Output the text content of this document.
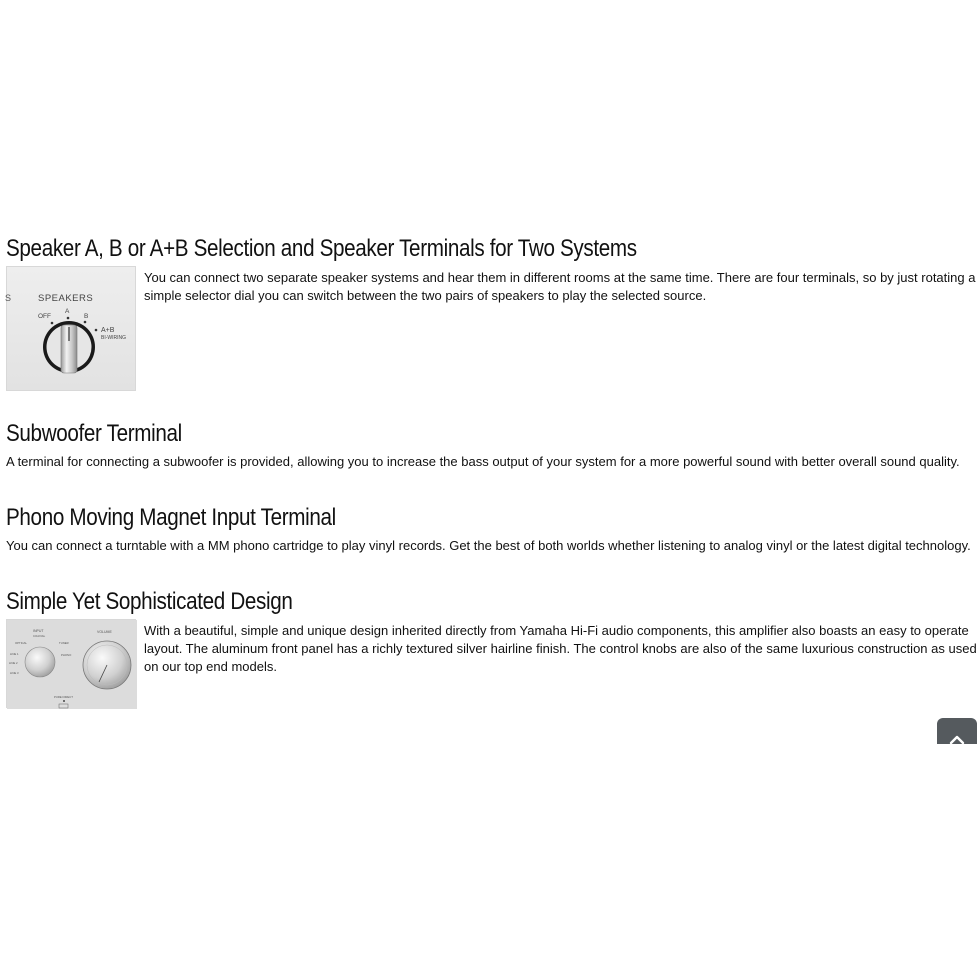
Speaker A, B or A+B Selection and Speaker Terminals for Two Systems
S	SPEAKERS
OFF
A
B
A+B
BI-WIRING

You can connect two separate speaker systems and hear them in different rooms at the same time. There are four terminals, so by just rotating a simple selector dial you can switch between the two pairs of speakers to play the selected source.

Subwoofer Terminal

A terminal for connecting a subwoofer is provided, allowing you to increase the bass output of your system for a more powerful sound with better overall sound quality.

Phono Moving Magnet Input Terminal

You can connect a turntable with a MM phono cartridge to play vinyl records. Get the best of both worlds whether listening to analog vinyl or the latest digital technology.

Simple Yet Sophisticated Design
INPUT	VOLUME
OPTICAL
COAXIAL
LINE 1
LINE 2
LINE 3
TUNER
PHONO
PURE DIRECT

With a beautiful, simple and unique design inherited directly from Yamaha Hi-Fi audio components, this amplifier also boasts an easy to operate layout. The aluminum front panel has a richly textured silver hairline finish. The control knobs are also of the same luxurious construction as used on our top end models.
